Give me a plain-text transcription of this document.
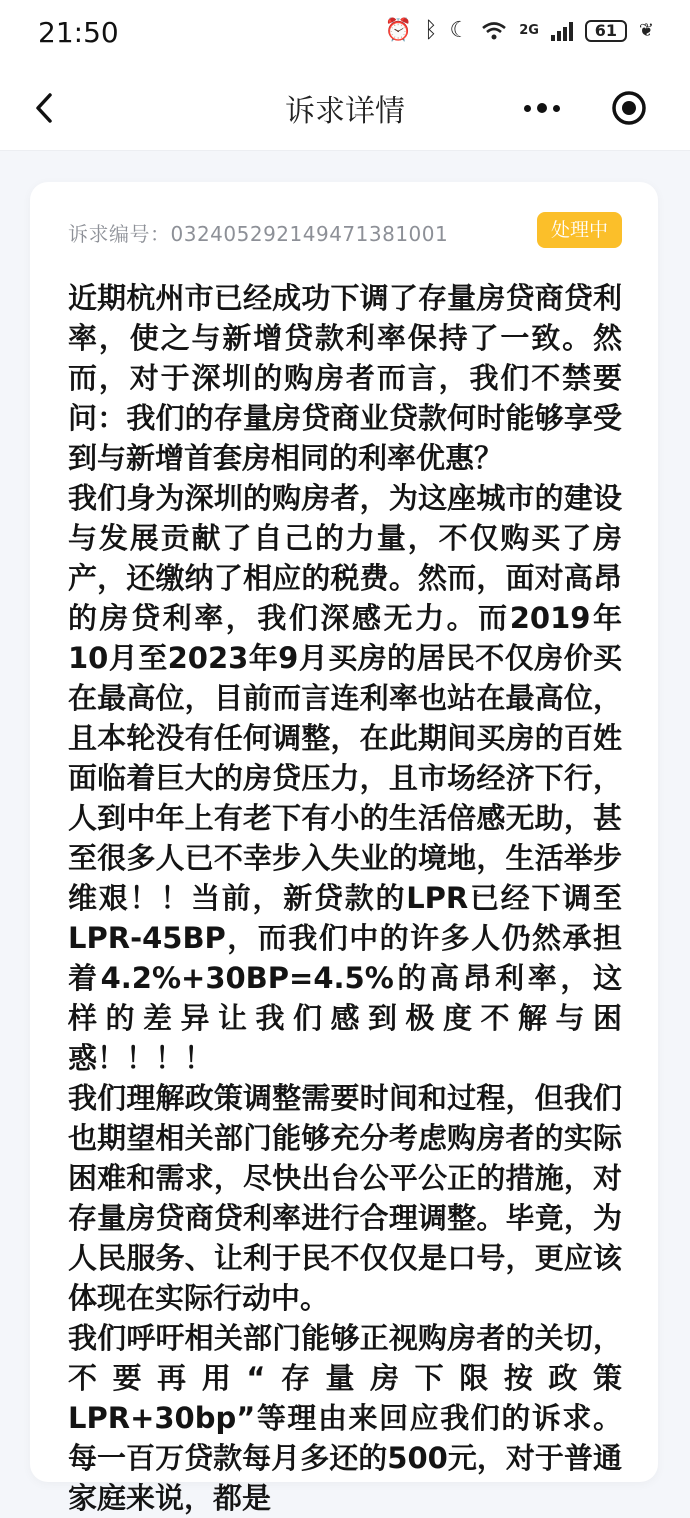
21:50	⏰ ᛒ ☾	2G	61 ❦
诉求详情
诉求编号：03240529214947138​1001	处理中

近期杭州市已经成功下调了存量房贷商贷利率，使之与新增贷款利率保持了一致。然而，对于深圳的购房者而言，我们不禁要问：我们的存量房贷商业贷款何时能够享受到与新增首套房相同的利率优惠？

我们身为深圳的购房者，为这座城市的建设与发展贡献了自己的力量，不仅购买了房产，还缴纳了相应的税费。然而，面对高昂的房贷利率，我们深感无力。而2019年10月至2023年9月买房的居民不仅房价买在最高位，目前而言连利率也站在最高位，且本轮没有任何调整，在此期间买房的百姓面临着巨大的房贷压力，且市场经济下行，人到中年上有老下有小的生活倍感无助，甚至很多人已不幸步入失业的境地，生活举步维艰！！当前，新贷款的LPR已经下调至LPR-45BP，而我们中的许多人仍然承担着4.2%+30BP=4.5%的高昂利率，这样的差异让我们感到极度不解与困惑！！！！

我们理解政策调整需要时间和过程，但我们也期望相关部门能够充分考虑购房者的实际困难和需求，尽快出台公平公正的措施，对存量房贷商贷利率进行合理调整。毕竟，为人民服务、让利于民不仅仅是口号，更应该体现在实际行动中。

我们呼吁相关部门能够正视购房者的关切，不要再用“存量房下限按政策LPR+30bp”等理由来回应我们的诉求。每一百万贷款每月多还的500元，对于普通家庭来说，都是
